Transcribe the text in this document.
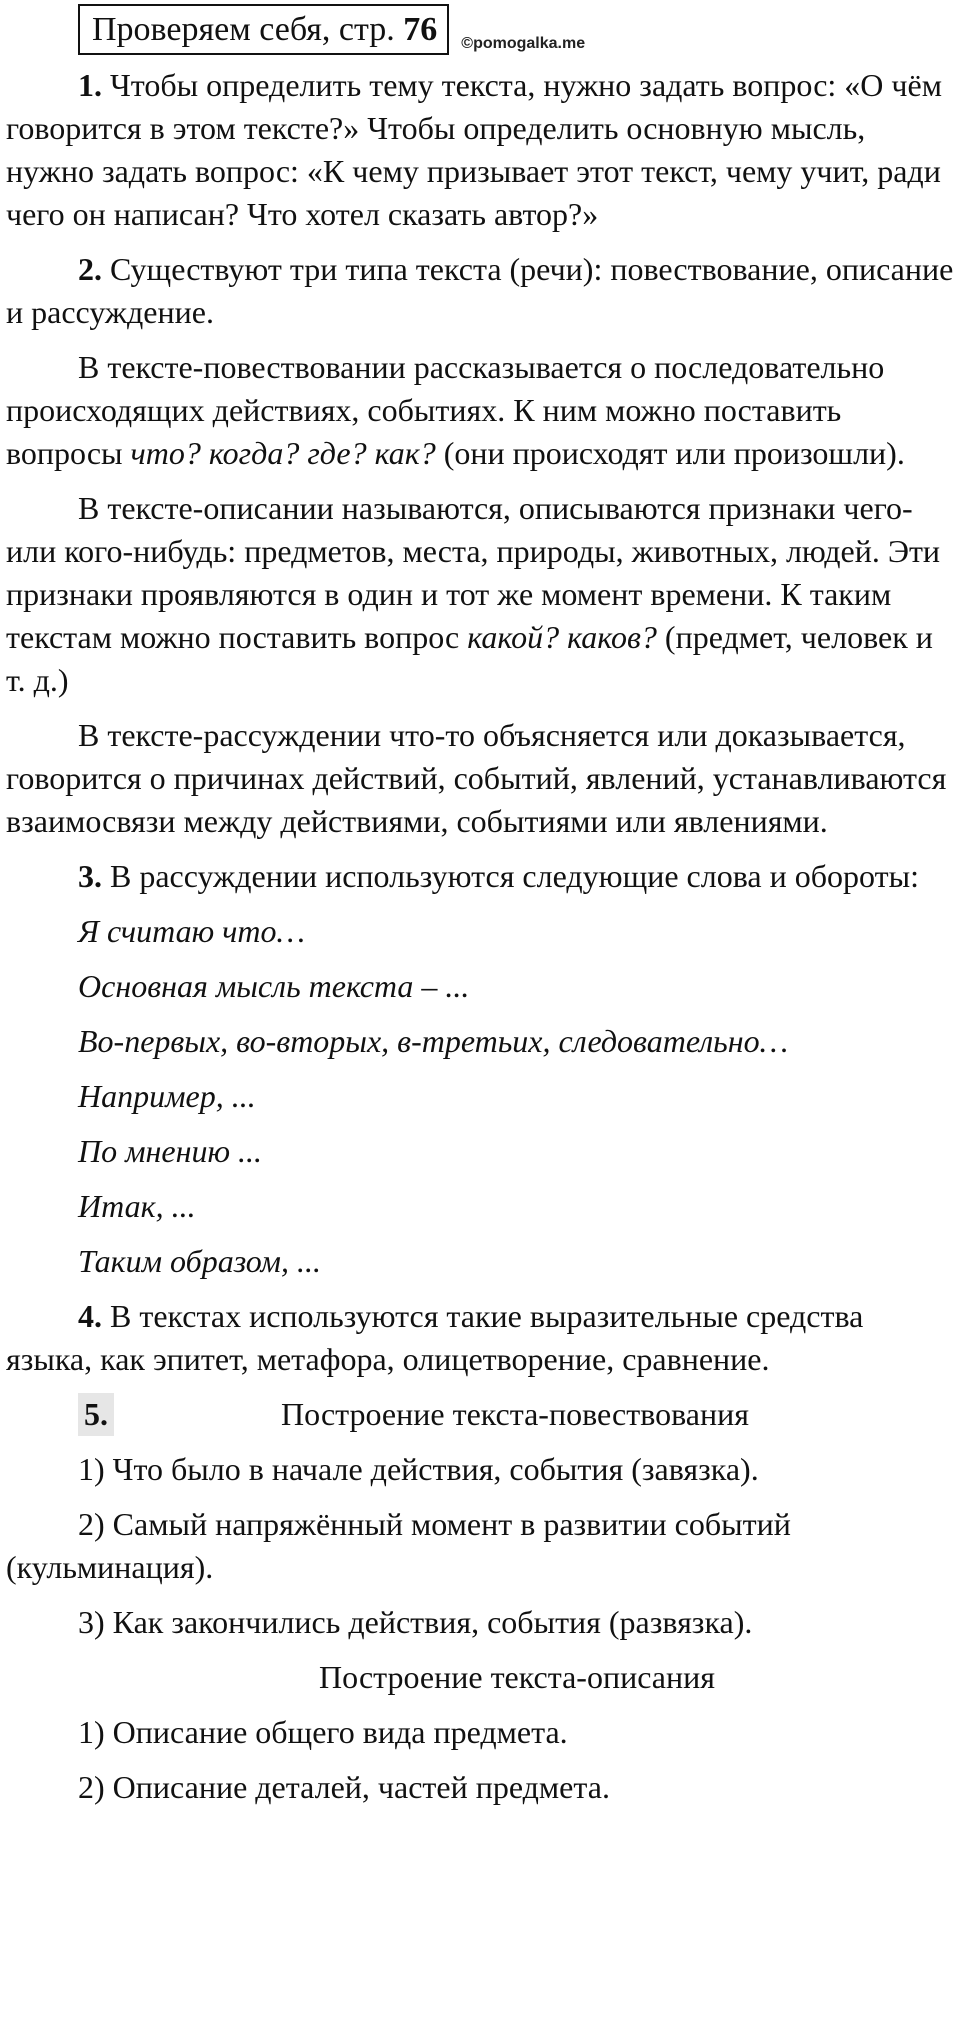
Проверяем себя, стр. 76	©pomogalka.me

1. Чтобы определить тему текста, нужно задать вопрос: «О чём говорится в этом тексте?» Чтобы определить основную мысль, нужно задать вопрос: «К чему призывает этот текст, чему учит, ради чего он написан? Что хотел сказать автор?»

2. Существуют три типа текста (речи): повествование, описание и рассуждение.

В тексте-повествовании рассказывается о последовательно происходящих действиях, событиях. К ним можно поставить вопросы что? когда? где? как? (они происходят или произошли).

В тексте-описании называются, описываются признаки чего- или кого-нибудь: предметов, места, природы, животных, людей. Эти признаки проявляются в один и тот же момент времени. К таким текстам можно поставить вопрос какой? каков? (предмет, человек и т. д.)

В тексте-рассуждении что-то объясняется или доказывается, говорится о причинах действий, событий, явлений, устанавливаются взаимосвязи между действиями, событиями или явлениями.

3. В рассуждении используются следующие слова и обороты:

Я считаю что…

Основная мысль текста – ...

Во-первых, во-вторых, в-третьих, следовательно…

Например, ...

По мнению ...

Итак, ...

Таким образом, ...

4. В текстах используются такие выразительные средства языка, как эпитет, метафора, олицетворение, сравнение.

5.	Построение текста-повествования

1) Что было в начале действия, события (завязка).

2) Самый напряжённый момент в развитии событий (кульминация).

3) Как закончились действия, события (развязка).

Построение текста-описания

1) Описание общего вида предмета.

2) Описание деталей, частей предмета.
